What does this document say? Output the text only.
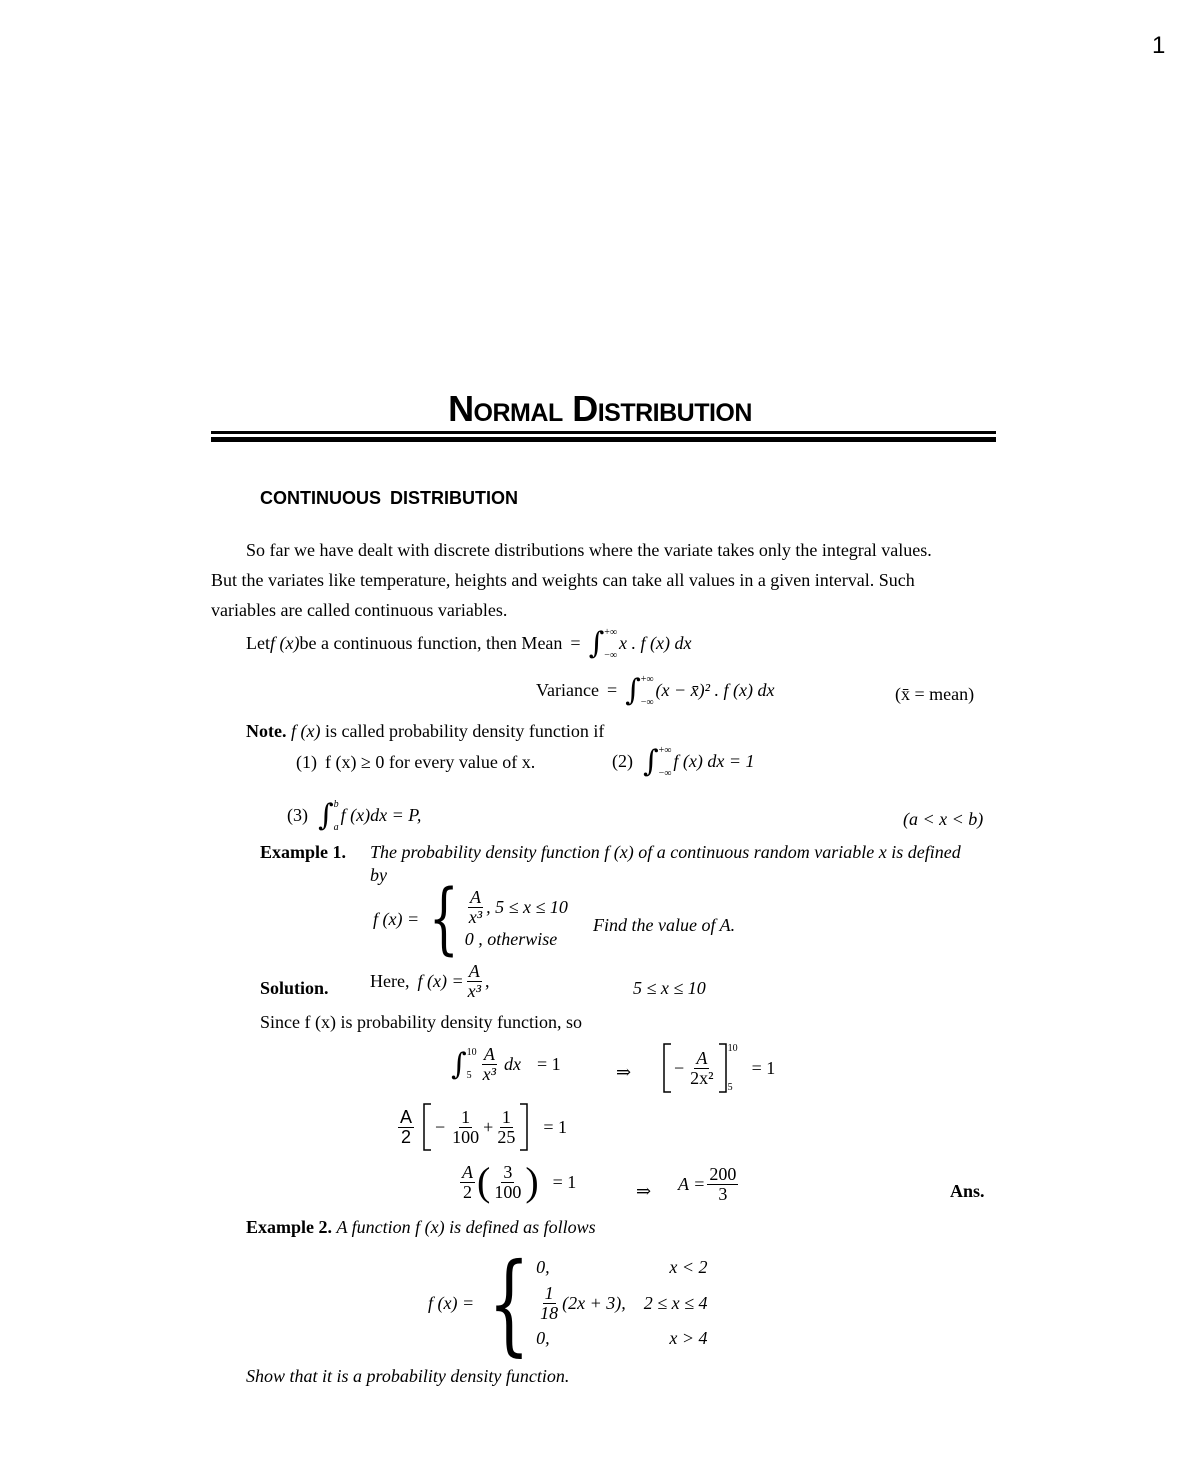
1
Normal Distribution
CONTINUOUS DISTRIBUTION
So far we have dealt with discrete distributions where the variate takes only the integral values.
But the variates like temperature, heights and weights can take all values in a given interval. Such
variables are called continuous variables.
Let f (x) be a continuous function, then Mean = ∫ +∞
−∞
x . f (x) dx
Variance = ∫ +∞
−∞
(x − x̄)² . f (x) dx	(x̄ = mean)
Note. f (x) is called probability density function if
(1) f (x) ≥ 0 for every value of x.	(2) ∫ +∞
−∞
f (x) dx = 1
(3) ∫ b
a
f (x)dx = P,	(a < x < b)
Example 1. The probability density function f (x) of a continuous random variable x is defined
by
f (x) = { $\frac{A}{\text{x³}}$ , 5 ≤ x ≤ 10
0 , otherwise
Find the value of A.
Solution. Here, f $(x) = \frac{A}{\text{x³}}$ ,	5 ≤ x ≤ 10
Since f (x) is probability density function, so
∫ 10
$5 \frac{A}{\text{x³}}$ dx = 1	⇒ − $\frac{A}{\text{2x²}}$
10
5
= 1
$\frac{A}{2} - \frac{1}{100} + \frac{1}{25} = 1$
$\frac{A}{2}$ ( $\frac{3}{100}$ ) = 1	⇒ $A = \frac{200}{3}$	Ans.
Example 2. A function f (x) is defined as follows
f (x) = { 0,	x < 2
$\frac{1}{18} (2x + 3)$, 2 ≤ x ≤ 4
0,	x > 4
Show that it is a probability density function.
